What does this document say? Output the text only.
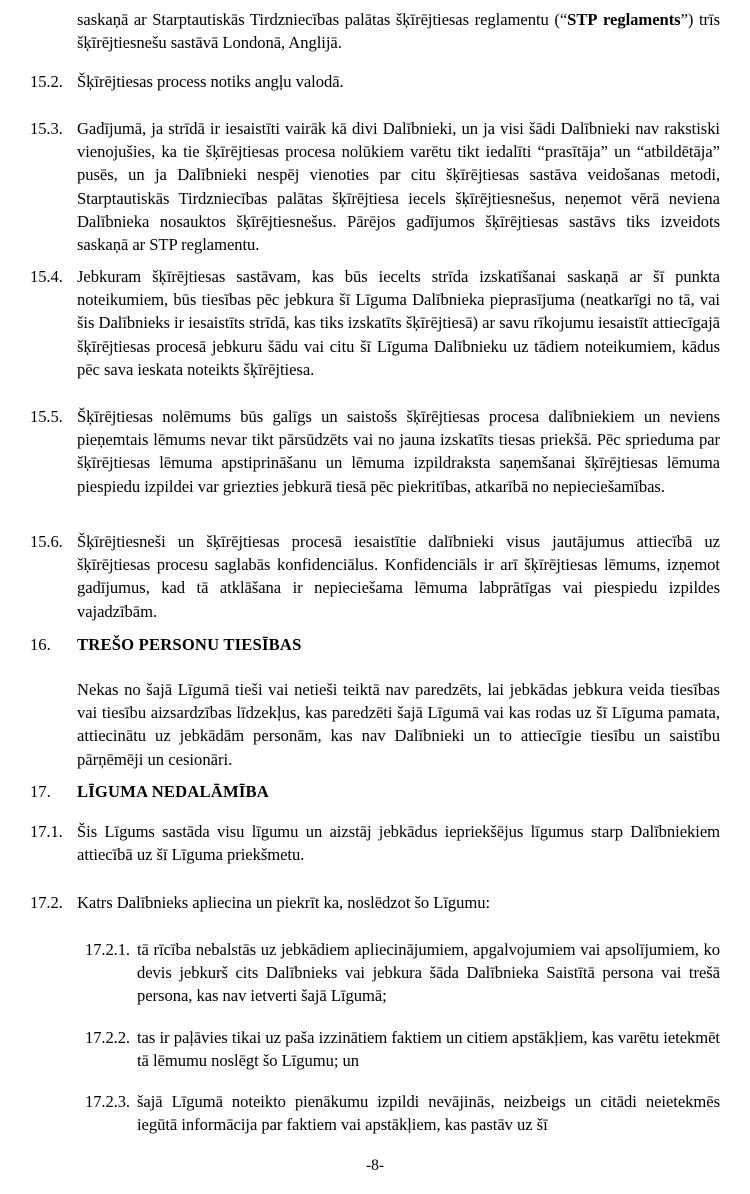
saskaņā ar Starptautiskās Tirdzniecības palātas šķīrējtiesas reglamentu (“STP reglaments”) trīs šķīrējtiesnešu sastāvā Londonā, Anglijā.
15.2. Šķīrējtiesas process notiks angļu valodā.
15.3. Gadījumā, ja strīdā ir iesaistīti vairāk kā divi Dalībnieki, un ja visi šādi Dalībnieki nav rakstiski vienojušies, ka tie šķīrējtiesas procesa nolūkiem varētu tikt iedalīti “prasītāja” un “atbildētāja” pusēs, un ja Dalībnieki nespēj vienoties par citu šķīrējtiesas sastāva veidošanas metodi, Starptautiskās Tirdzniecības palātas šķīrējtiesa iecels šķīrējtiesnešus, neņemot vērā neviena Dalībnieka nosauktos šķīrējtiesnešus. Pārējos gadījumos šķīrējtiesas sastāvs tiks izveidots saskaņā ar STP reglamentu.
15.4. Jebkuram šķīrējtiesas sastāvam, kas būs iecelts strīda izskatīšanai saskaņā ar šī punkta noteikumiem, būs tiesības pēc jebkura šī Līguma Dalībnieka pieprasījuma (neatkarīgi no tā, vai šis Dalībnieks ir iesaistīts strīdā, kas tiks izskatīts šķīrējtiesā) ar savu rīkojumu iesaistīt attiecīgajā šķīrējtiesas procesā jebkuru šādu vai citu šī Līguma Dalībnieku uz tādiem noteikumiem, kādus pēc sava ieskata noteikts šķīrējtiesa.
15.5. Šķīrējtiesas nolēmums būs galīgs un saistošs šķīrējtiesas procesa dalībniekiem un neviens pieņemtais lēmums nevar tikt pārsūdzēts vai no jauna izskatīts tiesas priekšā. Pēc sprieduma par šķīrējtiesas lēmuma apstiprināšanu un lēmuma izpildraksta saņemšanai šķīrējtiesas lēmuma piespiedu izpildei var griezties jebkurā tiesā pēc piekritības, atkarībā no nepieciešamības.
15.6. Šķīrējtiesneši un šķīrējtiesas procesā iesaistītie dalībnieki visus jautājumus attiecībā uz šķīrējtiesas procesu saglabās konfidenciālus. Konfidenciāls ir arī šķīrējtiesas lēmums, izņemot gadījumus, kad tā atklāšana ir nepieciešama lēmuma labprātīgas vai piespiedu izpildes vajadzībām.
16.	TREŠO PERSONU TIESĪBAS
Nekas no šajā Līgumā tieši vai netieši teiktā nav paredzēts, lai jebkādas jebkura veida tiesības vai tiesību aizsardzības līdzekļus, kas paredzēti šajā Līgumā vai kas rodas uz šī Līguma pamata, attiecinātu uz jebkādām personām, kas nav Dalībnieki un to attiecīgie tiesību un saistību pārņēmēji un cesionāri.
17.	LĪGUMA NEDALĀMĪBA
17.1. Šis Līgums sastāda visu līgumu un aizstāj jebkādus iepriekšējus līgumus starp Dalībniekiem attiecībā uz šī Līguma priekšmetu.
17.2. Katrs Dalībnieks apliecina un piekrīt ka, noslēdzot šo Līgumu:
17.2.1. tā rīcība nebalstās uz jebkādiem apliecinājumiem, apgalvojumiem vai apsolījumiem, ko devis jebkurš cits Dalībnieks vai jebkura šāda Dalībnieka Saistītā persona vai trešā persona, kas nav ietverti šajā Līgumā;
17.2.2. tas ir paļāvies tikai uz paša izzinātiem faktiem un citiem apstākļiem, kas varētu ietekmēt tā lēmumu noslēgt šo Līgumu; un
17.2.3. šajā Līgumā noteikto pienākumu izpildi nevājinās, neizbeigs un citādi neietekmēs iegūtā informācija par faktiem vai apstākļiem, kas pastāv uz šī
-8-
